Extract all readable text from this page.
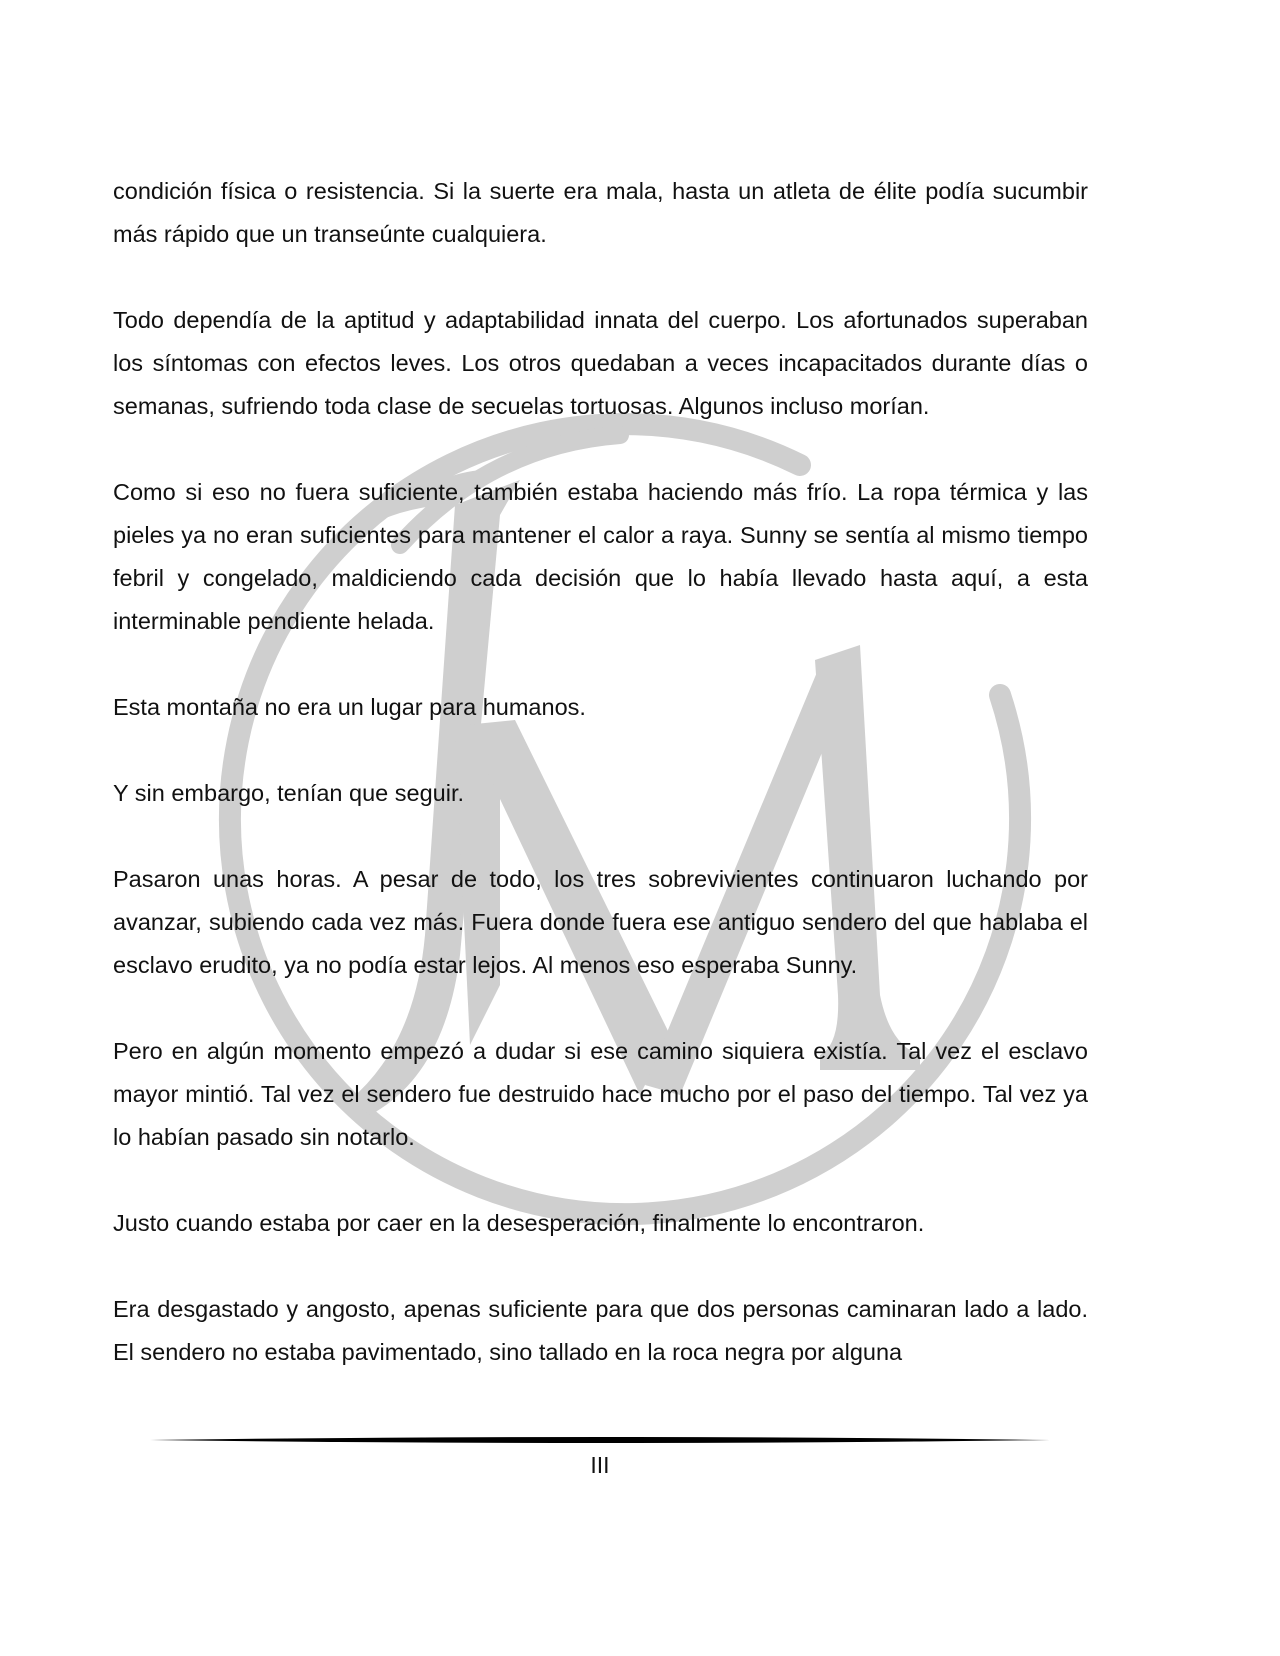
condición física o resistencia. Si la suerte era mala, hasta un atleta de élite podía sucumbir más rápido que un transeúnte cualquiera.

Todo dependía de la aptitud y adaptabilidad innata del cuerpo. Los afortunados superaban los síntomas con efectos leves. Los otros quedaban a veces incapacitados durante días o semanas, sufriendo toda clase de secuelas tortuosas. Algunos incluso morían.

Como si eso no fuera suficiente, también estaba haciendo más frío. La ropa térmica y las pieles ya no eran suficientes para mantener el calor a raya. Sunny se sentía al mismo tiempo febril y congelado, maldiciendo cada decisión que lo había llevado hasta aquí, a esta interminable pendiente helada.

Esta montaña no era un lugar para humanos.

Y sin embargo, tenían que seguir.

Pasaron unas horas. A pesar de todo, los tres sobrevivientes continuaron luchando por avanzar, subiendo cada vez más. Fuera donde fuera ese antiguo sendero del que hablaba el esclavo erudito, ya no podía estar lejos. Al menos eso esperaba Sunny.

Pero en algún momento empezó a dudar si ese camino siquiera existía. Tal vez el esclavo mayor mintió. Tal vez el sendero fue destruido hace mucho por el paso del tiempo. Tal vez ya lo habían pasado sin notarlo.

Justo cuando estaba por caer en la desesperación, finalmente lo encontraron.

Era desgastado y angosto, apenas suficiente para que dos personas caminaran lado a lado. El sendero no estaba pavimentado, sino tallado en la roca negra por alguna

III
